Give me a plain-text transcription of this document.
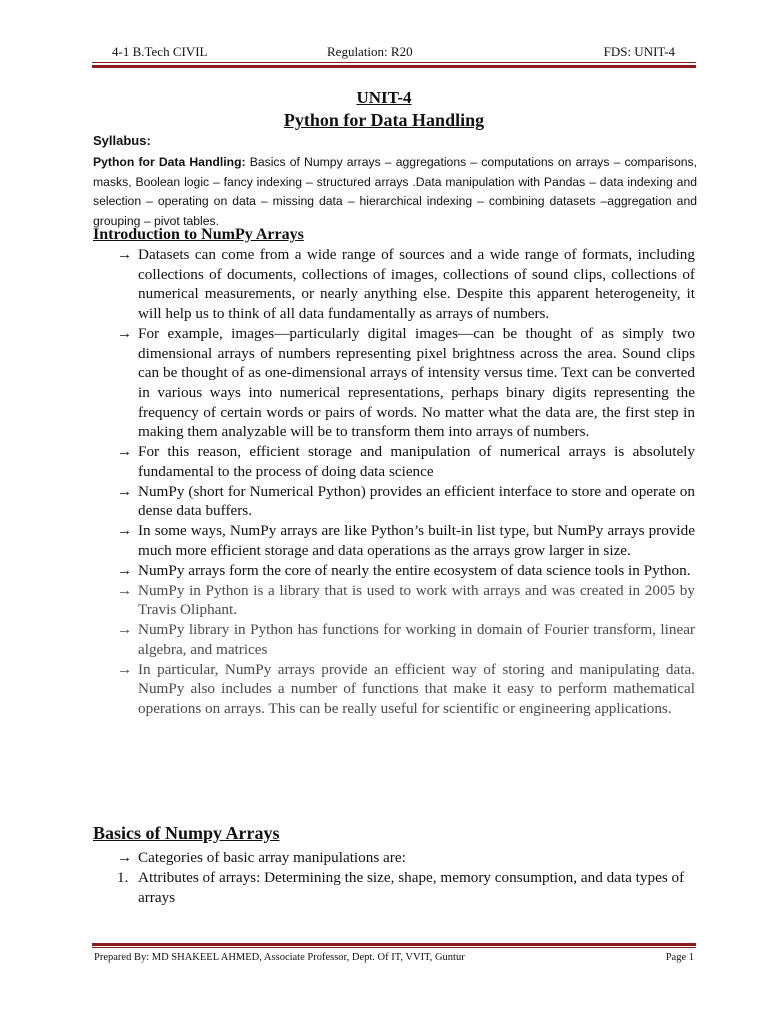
4-1 B.Tech CIVIL	Regulation: R20	FDS: UNIT-4
UNIT-4
Python for Data Handling
Syllabus:
Python for Data Handling: Basics of Numpy arrays – aggregations – computations on arrays – comparisons, masks, Boolean logic – fancy indexing – structured arrays .Data manipulation with Pandas – data indexing and selection – operating on data – missing data – hierarchical indexing – combining datasets –aggregation and grouping – pivot tables.
Introduction to NumPy Arrays
→ Datasets can come from a wide range of sources and a wide range of formats, including collections of documents, collections of images, collections of sound clips, collections of numerical measurements, or nearly anything else. Despite this apparent heterogeneity, it will help us to think of all data fundamentally as arrays of numbers.
→ For example, images—particularly digital images—can be thought of as simply two dimensional arrays of numbers representing pixel brightness across the area. Sound clips can be thought of as one-dimensional arrays of intensity versus time. Text can be converted in various ways into numerical representations, perhaps binary digits representing the frequency of certain words or pairs of words. No matter what the data are, the first step in making them analyzable will be to transform them into arrays of numbers.
→ For this reason, efficient storage and manipulation of numerical arrays is absolutely fundamental to the process of doing data science
→ NumPy (short for Numerical Python) provides an efficient interface to store and operate on dense data buffers.
→ In some ways, NumPy arrays are like Python’s built-in list type, but NumPy arrays provide much more efficient storage and data operations as the arrays grow larger in size.
→ NumPy arrays form the core of nearly the entire ecosystem of data science tools in Python.
→ NumPy in Python is a library that is used to work with arrays and was created in 2005 by Travis Oliphant.
→ NumPy library in Python has functions for working in domain of Fourier transform, linear algebra, and matrices
→ In particular, NumPy arrays provide an efficient way of storing and manipulating data. NumPy also includes a number of functions that make it easy to perform mathematical operations on arrays. This can be really useful for scientific or engineering applications.
Basics of Numpy Arrays
→ Categories of basic array manipulations are:
1. Attributes of arrays: Determining the size, shape, memory consumption, and data types of arrays
Prepared By: MD SHAKEEL AHMED, Associate Professor, Dept. Of IT, VVIT, Guntur	Page 1
